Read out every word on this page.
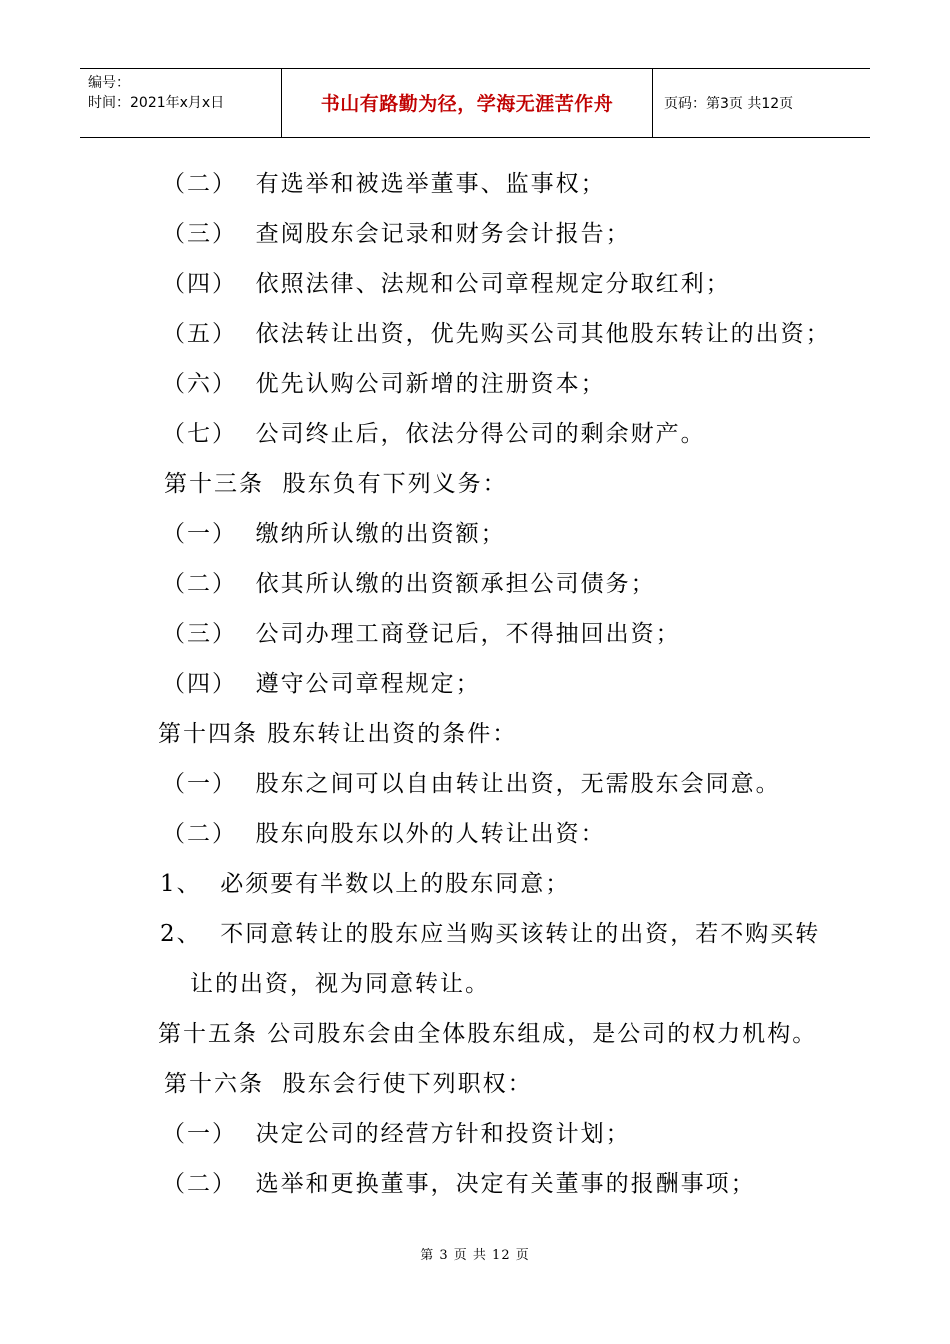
编号：
时间：2021年x月x日	书山有路勤为径，学海无涯苦作舟	页码：第3页 共12页
（二）  有选举和被选举董事、监事权；
（三）  查阅股东会记录和财务会计报告；
（四）  依照法律、法规和公司章程规定分取红利；
（五）  依法转让出资，优先购买公司其他股东转让的出资；
（六）  优先认购公司新增的注册资本；
（七）  公司终止后，依法分得公司的剩余财产。
第十三条  股东负有下列义务：
（一）  缴纳所认缴的出资额；
（二）  依其所认缴的出资额承担公司债务；
（三）  公司办理工商登记后，不得抽回出资；
（四）  遵守公司章程规定；
第十四条 股东转让出资的条件：
（一）  股东之间可以自由转让出资，无需股东会同意。
（二）  股东向股东以外的人转让出资：
1、  必须要有半数以上的股东同意；
2、  不同意转让的股东应当购买该转让的出资，若不购买转
让的出资，视为同意转让。
第十五条 公司股东会由全体股东组成，是公司的权力机构。
第十六条  股东会行使下列职权：
（一）  决定公司的经营方针和投资计划；
（二）  选举和更换董事，决定有关董事的报酬事项；
第 3 页 共 12 页
